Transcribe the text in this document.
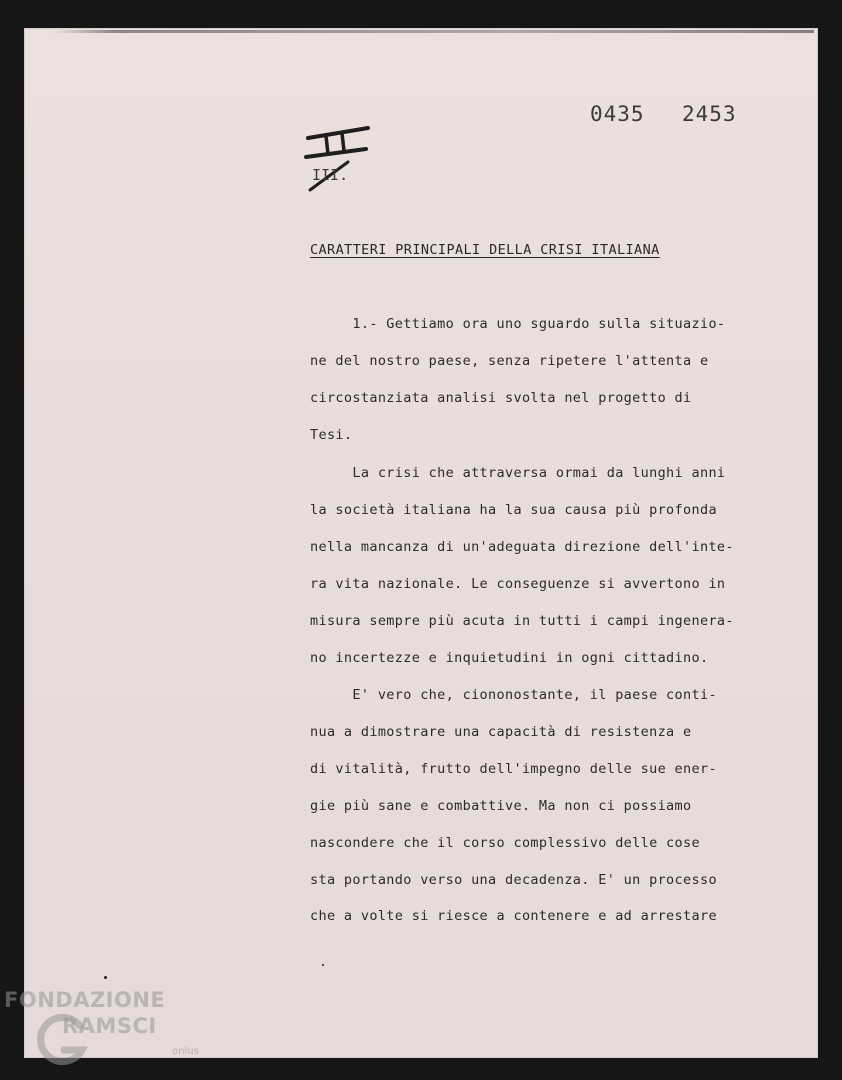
0435 2453
III.
CARATTERI PRINCIPALI DELLA CRISI ITALIANA
1.- Gettiamo ora uno sguardo sulla situazio-
ne del nostro paese, senza ripetere l'attenta e
circostanziata analisi svolta nel progetto di
Tesi.
La crisi che attraversa ormai da lunghi anni
la società italiana ha la sua causa più profonda
nella mancanza di un'adeguata direzione dell'inte-
ra vita nazionale. Le conseguenze si avvertono in
misura sempre più acuta in tutti i campi ingenera-
no incertezze e inquietudini in ogni cittadino.
E' vero che, ciononostante, il paese conti-
nua a dimostrare una capacità di resistenza e
di vitalità, frutto dell'impegno delle sue ener-
gie più sane e combattive. Ma non ci possiamo
nascondere che il corso complessivo delle cose
sta portando verso una decadenza. E' un processo
che a volte si riesce a contenere e ad arrestare
FONDAZIONE
RAMSCI
onlus
